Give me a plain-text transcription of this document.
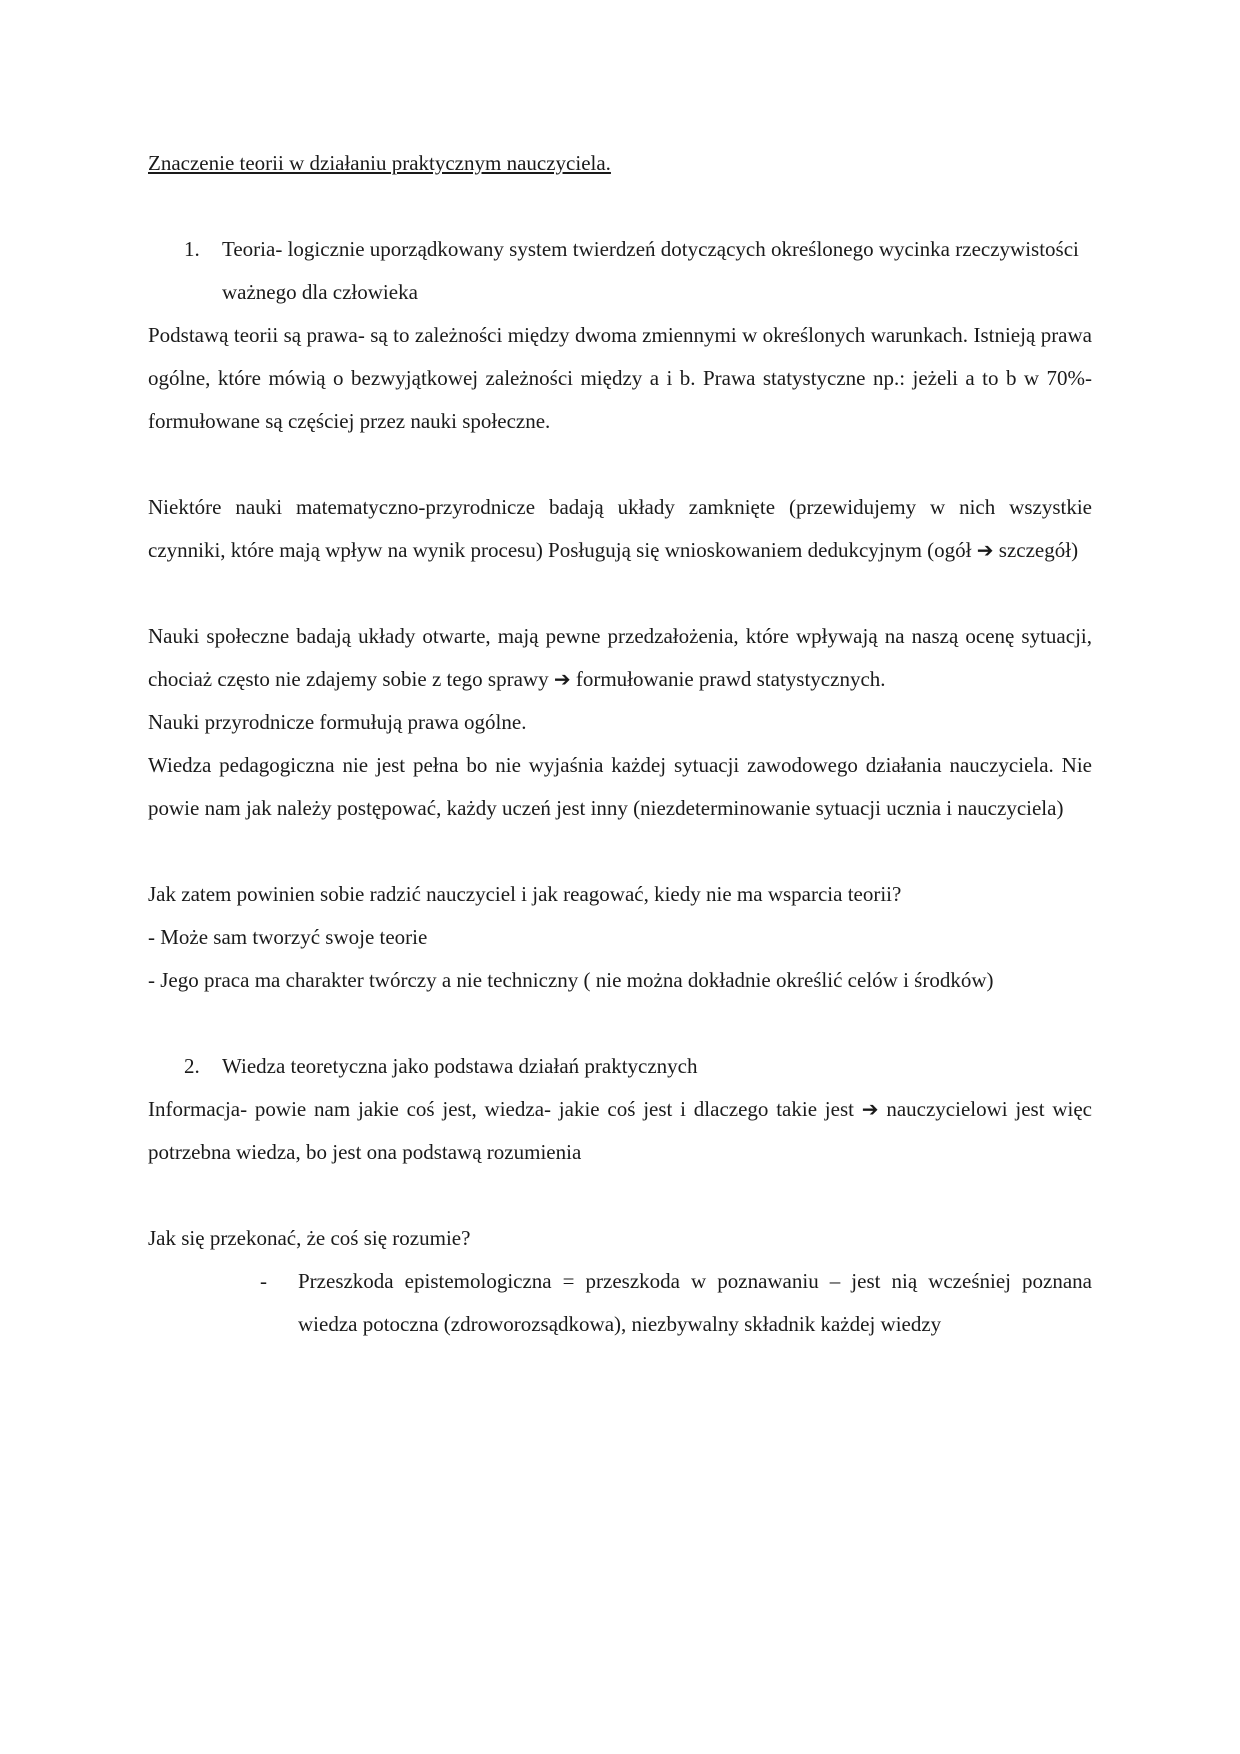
Znaczenie teorii w działaniu praktycznym nauczyciela.

1. Teoria- logicznie uporządkowany system twierdzeń dotyczących określonego wycinka rzeczywistości ważnego dla człowieka

Podstawą teorii są prawa- są to zależności między dwoma zmiennymi w określonych warunkach. Istnieją prawa ogólne, które mówią o bezwyjątkowej zależności między a i b. Prawa statystyczne np.: jeżeli a to b w 70%- formułowane są częściej przez nauki społeczne.

Niektóre nauki matematyczno-przyrodnicze badają układy zamknięte (przewidujemy w nich wszystkie czynniki, które mają wpływ na wynik procesu) Posługują się wnioskowaniem dedukcyjnym (ogół ➔ szczegół)

Nauki społeczne badają układy otwarte, mają pewne przedzałożenia, które wpływają na naszą ocenę sytuacji, chociaż często nie zdajemy sobie z tego sprawy ➔ formułowanie prawd statystycznych.

Nauki przyrodnicze formułują prawa ogólne.

Wiedza pedagogiczna nie jest pełna bo nie wyjaśnia każdej sytuacji zawodowego działania nauczyciela. Nie powie nam jak należy postępować, każdy uczeń jest inny (niezdeterminowanie sytuacji ucznia i nauczyciela)

Jak zatem powinien sobie radzić nauczyciel i jak reagować, kiedy nie ma wsparcia teorii?

- Może sam tworzyć swoje teorie

- Jego praca ma charakter twórczy a nie techniczny ( nie można dokładnie określić celów i środków)

2. Wiedza teoretyczna jako podstawa działań praktycznych

Informacja- powie nam jakie coś jest, wiedza- jakie coś jest i dlaczego takie jest ➔ nauczycielowi jest więc potrzebna wiedza, bo jest ona podstawą rozumienia

Jak się przekonać, że coś się rozumie?

- Przeszkoda epistemologiczna = przeszkoda w poznawaniu – jest nią wcześniej poznana wiedza potoczna (zdroworozsądkowa), niezbywalny składnik każdej wiedzy
